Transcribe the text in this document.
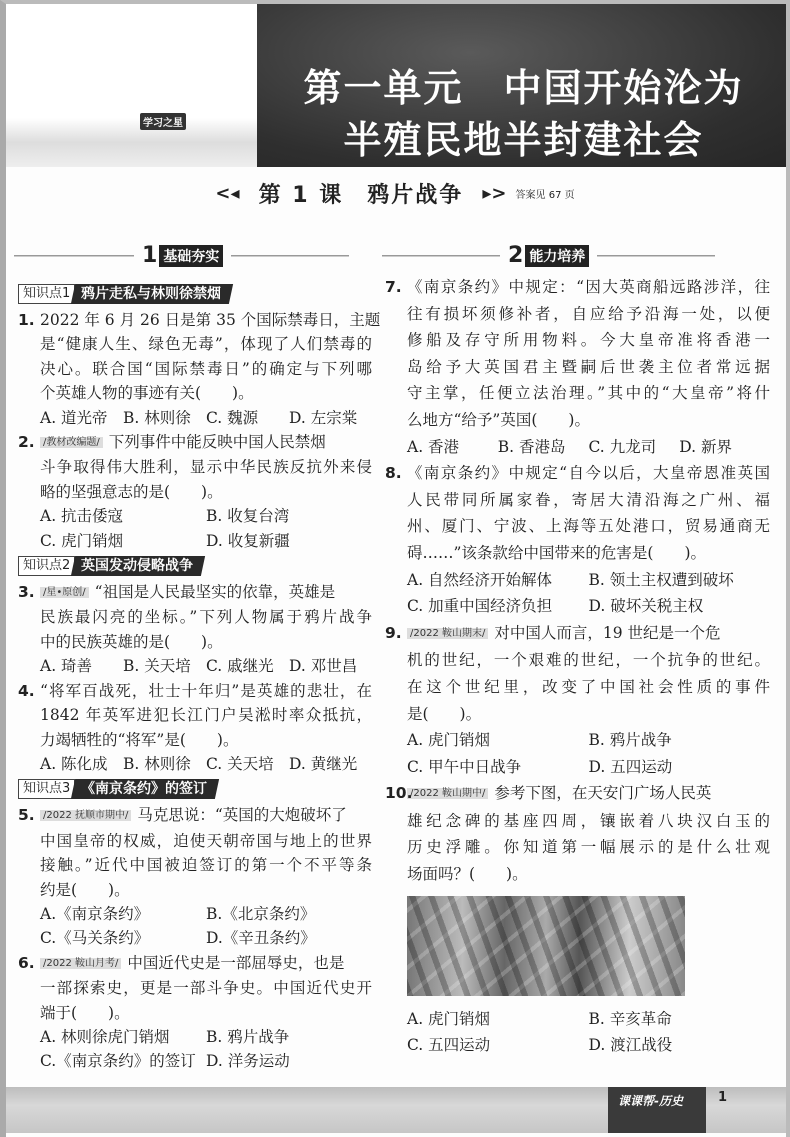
学习之星
第一单元　中国开始沦为
半殖民地半封建社会
<◂ 第 1 课　鸦片战争 ▸> 答案见 67 页
1 基础夯实	2 能力培养
知识点1 鸦片走私与林则徐禁烟
1. 2022 年 6 月 26 日是第 35 个国际禁毒日，主题
是“健康人生、绿色无毒”，体现了人们禁毒的
决心。联合国“国际禁毒日”的确定与下列哪
个英雄人物的事迹有关(　　)。
A. 道光帝 B. 林则徐 C. 魏源	D. 左宗棠
2. /教材改编题/ 下列事件中能反映中国人民禁烟
斗争取得伟大胜利，显示中华民族反抗外来侵
略的坚强意志的是(　　)。
A. 抗击倭寇	B. 收复台湾
C. 虎门销烟	D. 收复新疆
知识点2 英国发动侵略战争
3. /星•原创/ “祖国是人民最坚实的依靠，英雄是
民族最闪亮的坐标。”下列人物属于鸦片战争
中的民族英雄的是(　　)。
A. 琦善	B. 关天培 C. 戚继光 D. 邓世昌
4. “将军百战死，壮士十年归”是英雄的悲壮，在
1842 年英军进犯长江门户吴淞时率众抵抗，
力竭牺牲的“将军”是(　　)。
A. 陈化成 B. 林则徐 C. 关天培 D. 黄继光
知识点3 《南京条约》的签订
5. /2022 抚顺市期中/ 马克思说：“英国的大炮破坏了
中国皇帝的权威，迫使天朝帝国与地上的世界
接触。”近代中国被迫签订的第一个不平等条
约是(　　)。
A.《南京条约》	B.《北京条约》
C.《马关条约》	D.《辛丑条约》
6. /2022 鞍山月考/ 中国近代史是一部屈辱史，也是
一部探索史，更是一部斗争史。中国近代史开
端于(　　)。
A. 林则徐虎门销烟	B. 鸦片战争
C.《南京条约》的签订 D. 洋务运动
7. 《南京条约》中规定：“因大英商船远路涉洋，往
往有损坏须修补者，自应给予沿海一处，以便
修船及存守所用物料。今大皇帝准将香港一
岛给予大英国君主暨嗣后世袭主位者常远据
守主掌，任便立法治理。”其中的“大皇帝”将什
么地方“给予”英国(　　)。
A. 香港	B. 香港岛	C. 九龙司	D. 新界
8. 《南京条约》中规定“自今以后，大皇帝恩准英国
人民带同所属家眷，寄居大清沿海之广州、福
州、厦门、宁波、上海等五处港口，贸易通商无
碍……”该条款给中国带来的危害是(　　)。
A. 自然经济开始解体	B. 领土主权遭到破坏
C. 加重中国经济负担	D. 破坏关税主权
9. /2022 鞍山期末/ 对中国人而言，19 世纪是一个危
机的世纪，一个艰难的世纪，一个抗争的世纪。
在这个世纪里，改变了中国社会性质的事件
是(　　)。
A. 虎门销烟	B. 鸦片战争
C. 甲午中日战争	D. 五四运动
10.
/2022 鞍山期中/ 参考下图，在天安门广场人民英
雄纪念碑的基座四周，镶嵌着八块汉白玉的
历史浮雕。你知道第一幅展示的是什么壮观
场面吗？(　　)。
A. 虎门销烟	B. 辛亥革命
C. 五四运动	D. 渡江战役
课课帮-历史	1
